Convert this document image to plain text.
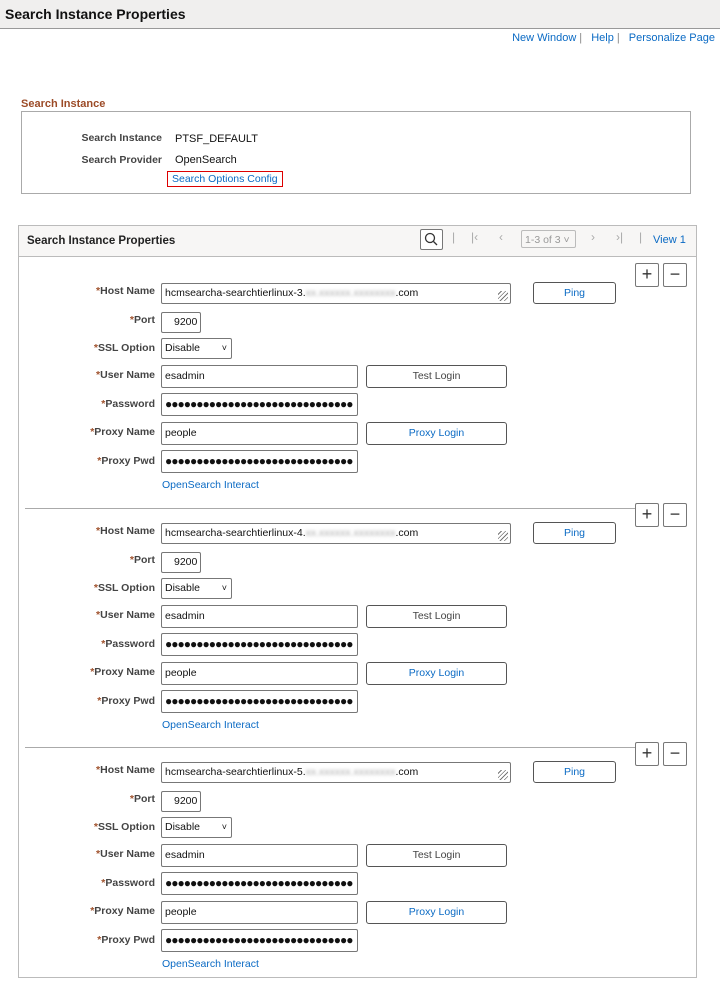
Search Instance Properties
New Window | Help | Personalize Page
Search Instance
Search Instance PTSF_DEFAULT
Search Provider OpenSearch
Search Options Config
Search Instance Properties	| |‹ ‹	1-3 of 3 ˅	› ›| | View 1
+ −
*Host Name hcmsearcha-searchtierlinux-3.xx.xxxxxx.xxxxxxxx.com	Ping
*Port	9200
*SSL Option Disable ˅
*User Name esadmin	Test Login
*Password ●●●●●●●●●●●●●●●●●●●●●●●●●●●●●●
*Proxy Name people	Proxy Login
*Proxy Pwd ●●●●●●●●●●●●●●●●●●●●●●●●●●●●●●
OpenSearch Interact
+ −
*Host Name hcmsearcha-searchtierlinux-4.xx.xxxxxx.xxxxxxxx.com	Ping
*Port	9200
*SSL Option Disable ˅
*User Name esadmin	Test Login
*Password ●●●●●●●●●●●●●●●●●●●●●●●●●●●●●●
*Proxy Name people	Proxy Login
*Proxy Pwd ●●●●●●●●●●●●●●●●●●●●●●●●●●●●●●
OpenSearch Interact
+ −
*Host Name hcmsearcha-searchtierlinux-5.xx.xxxxxx.xxxxxxxx.com	Ping
*Port	9200
*SSL Option Disable ˅
*User Name esadmin	Test Login
*Password ●●●●●●●●●●●●●●●●●●●●●●●●●●●●●●
*Proxy Name people	Proxy Login
*Proxy Pwd ●●●●●●●●●●●●●●●●●●●●●●●●●●●●●●
OpenSearch Interact
